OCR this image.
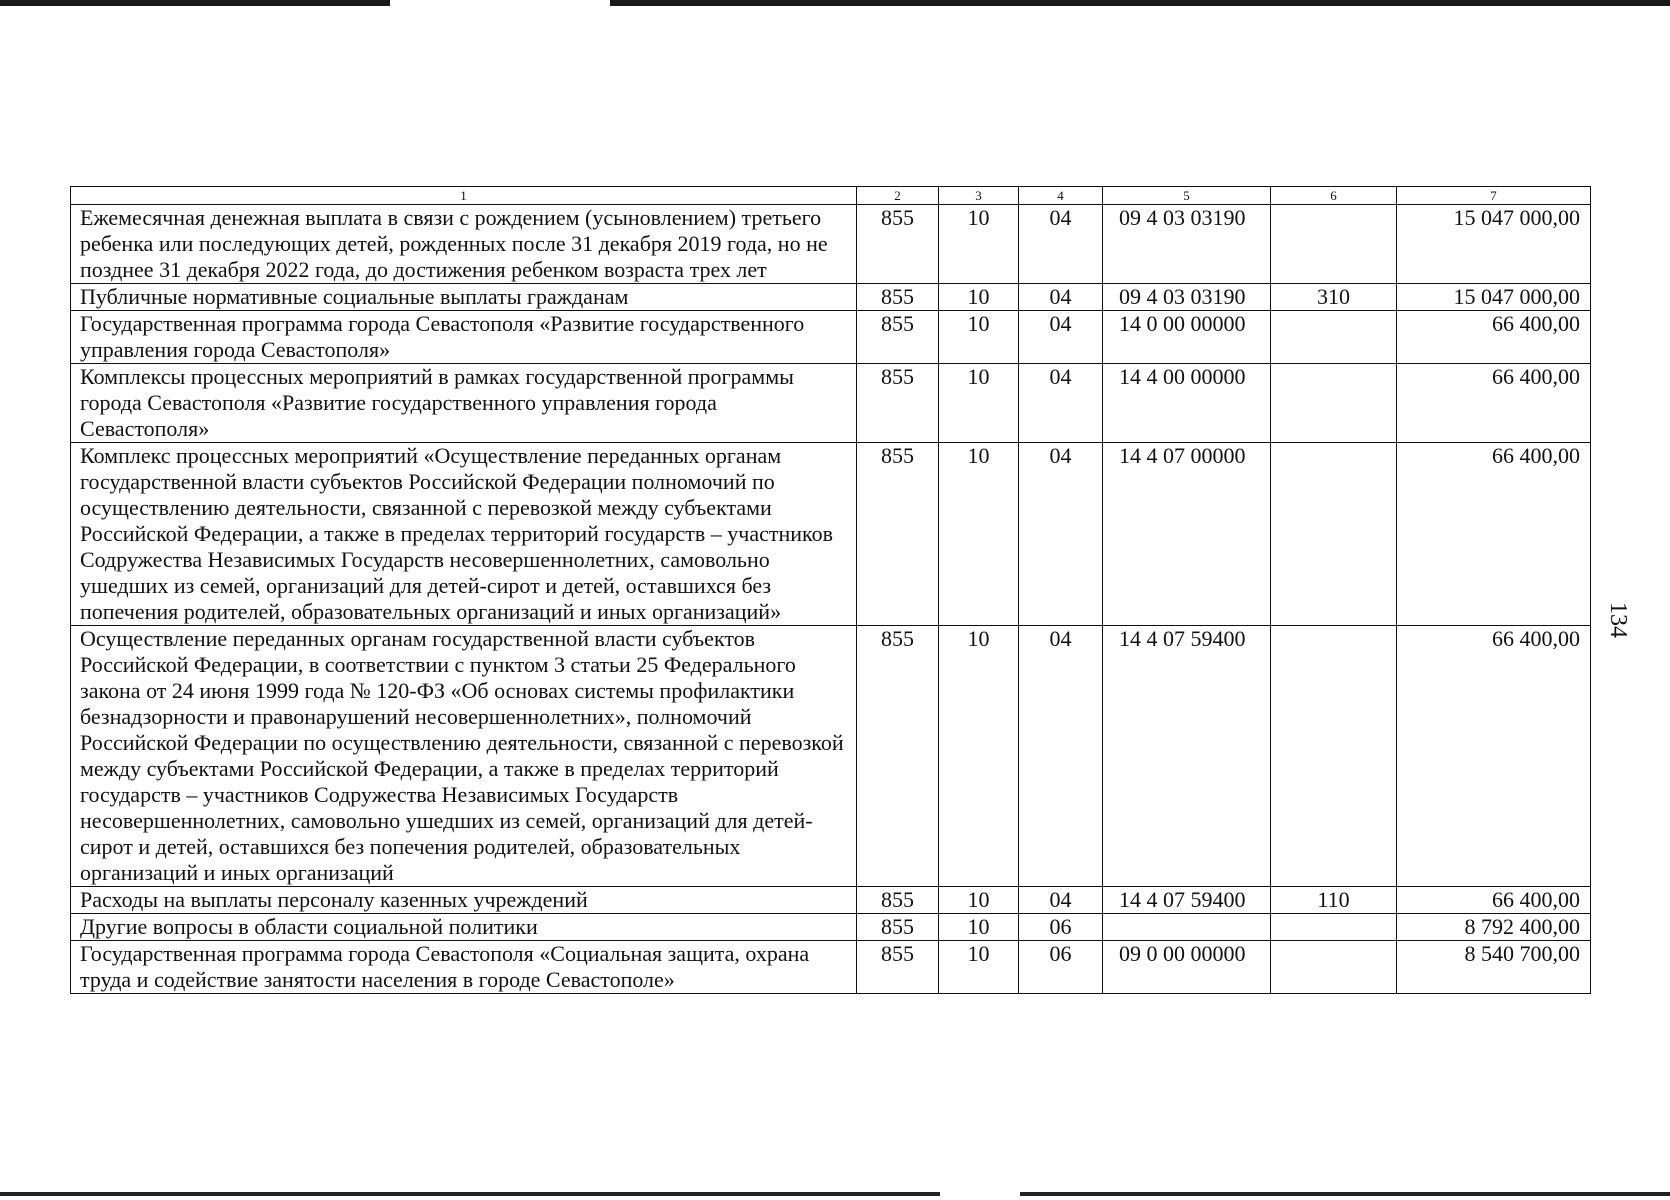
1	2	3	4	5	6	7
Ежемесячная денежная выплата в связи с рождением (усыновлением) третьего ребенка или последующих детей, рожденных после 31 декабря 2019 года, но не позднее 31 декабря 2022 года, до достижения ребенком возраста трех лет	855	10	04	09 4 03 03190		15 047 000,00
Публичные нормативные социальные выплаты гражданам	855	10	04	09 4 03 03190	310	15 047 000,00
Государственная программа города Севастополя «Развитие государственного управления города Севастополя»	855	10	04	14 0 00 00000		66 400,00
Комплексы процессных мероприятий в рамках государственной программы города Севастополя «Развитие государственного управления города Севастополя»	855	10	04	14 4 00 00000		66 400,00
Комплекс процессных мероприятий «Осуществление переданных органам государственной власти субъектов Российской Федерации полномочий по осуществлению деятельности, связанной с перевозкой между субъектами Российской Федерации, а также в пределах территорий государств – участников Содружества Независимых Государств несовершеннолетних, самовольно ушедших из семей, организаций для детей-сирот и детей, оставшихся без попечения родителей, образовательных организаций и иных организаций»	855	10	04	14 4 07 00000		66 400,00
Осуществление переданных органам государственной власти субъектов Российской Федерации, в соответствии с пунктом 3 статьи 25 Федерального закона от 24 июня 1999 года № 120-ФЗ «Об основах системы профилактики безнадзорности и правонарушений несовершеннолетних», полномочий Российской Федерации по осуществлению деятельности, связанной с перевозкой между субъектами Российской Федерации, а также в пределах территорий государств – участников Содружества Независимых Государств несовершеннолетних, самовольно ушедших из семей, организаций для детей-сирот и детей, оставшихся без попечения родителей, образовательных организаций и иных организаций	855	10	04	14 4 07 59400		66 400,00
Расходы на выплаты персоналу казенных учреждений	855	10	04	14 4 07 59400	110	66 400,00
Другие вопросы в области социальной политики	855	10	06			8 792 400,00
Государственная программа города Севастополя «Социальная защита, охрана труда и содействие занятости населения в городе Севастополе»	855	10	06	09 0 00 00000		8 540 700,00
134
